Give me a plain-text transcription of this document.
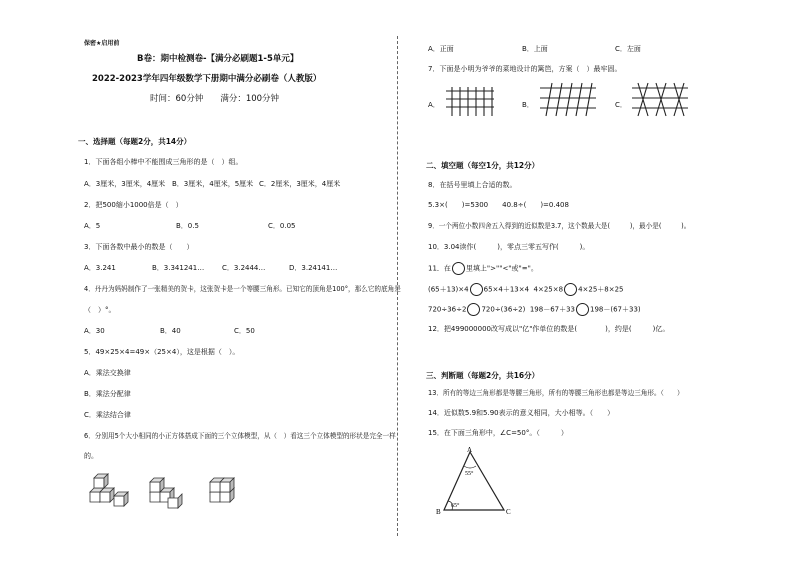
保密★启用前
B卷：期中检测卷-【满分必刷题1-5单元】
2022-2023学年四年级数学下册期中满分必刷卷（人教版）
时间：60分钟　　满分：100分钟
一、选择题（每题2分，共14分）
1．下面各组小棒中不能围成三角形的是（　）组。
A．3厘米，3厘米，4厘米 B．3厘米，4厘米，5厘米 C．2厘米，3厘米，4厘米
2．把500缩小1000倍是（　）
A．5	B．0.5	C．0.05
3．下面各数中最小的数是（　　）
A．3.241	B．3.341241…	C．3.2444…	D．3.24141…
4．丹丹为妈妈制作了一张精美的贺卡，这张贺卡是一个等腰三角形。已知它的顶角是100°，那么它的底角是
（　）°。
A．30	B．40	C．50
5．49×25×4=49×（25×4），这是根据（　）。
A．乘法交换律
B．乘法分配律
C．乘法结合律
6．分别用5个大小相同的小正方体搭成下面的三个立体模型，从（　）看这三个立体模型的形状是完全一样
的。
A．正面	B．上面	C．左面
7．下面是小明为爷爷的菜地设计的篱笆，方案（　）最牢固。
A．	B．	C．
二、填空题（每空1分，共12分）
8．在括号里填上合适的数。
5.3×(　　)=5300　　40.8÷(　　)=0.408
9．一个两位小数四舍五入得到的近似数是3.7，这个数最大是(　　　)，最小是(　　　)。
10．3.04读作(　　　)，零点三零五写作(　　　)。
11．在 里填上">""<"或"="。
(65＋13)×4 65×4＋13×4 4×25×8 4×25＋8×25
720÷36÷2 720÷(36÷2) 198－67＋33 198－(67＋33)
12．把499000000改写成以"亿"作单位的数是(　　　　)，约是(　　　)亿。
三、判断题（每题2分，共16分）
13．所有的等边三角形都是等腰三角形，所有的等腰三角形也都是等边三角形。（　　）
14．近似数5.9和5.90表示的意义相同，大小相等。（　　）
15．在下面三角形中，∠C=50°。（　　　）
A
55°
65°
B	C
